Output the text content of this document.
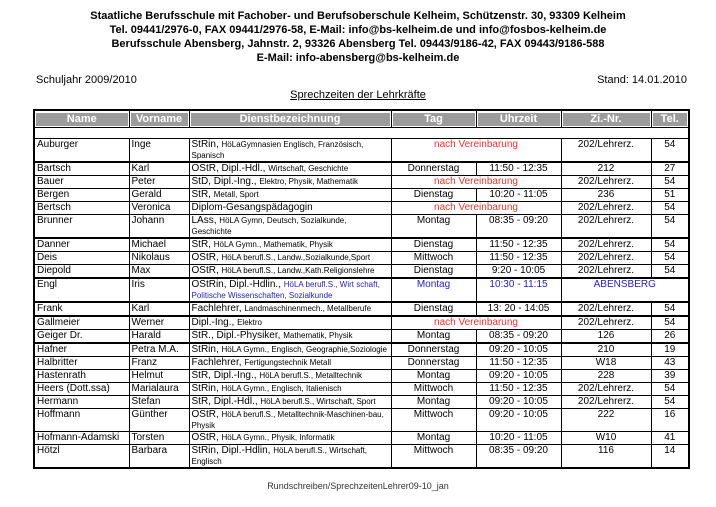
Staatliche Berufsschule mit Fachober- und Berufsoberschule Kelheim, Schützenstr. 30, 93309 Kelheim
Tel. 09441/2976-0, FAX 09441/2976-58, E-Mail: info@bs-kelheim.de und info@fosbos-kelheim.de
Berufsschule Abensberg, Jahnstr. 2, 93326 Abensberg Tel. 09443/9186-42, FAX 09443/9186-588
E-Mail: info-abensberg@bs-kelheim.de
Schuljahr 2009/2010	Stand: 14.01.2010
Sprechzeiten der Lehrkräfte
Name	Vorname	Dienstbezeichnung	Tag	Uhrzeit	Zi.-Nr.	Tel.

Auburger	Inge	StRin, HöLaGymnasien Englisch, Französisch, Spanisch	nach Vereinbarung		202/Lehrerz.	54
Bartsch	Karl	OStR, Dipl.-Hdl., Wirtschaft, Geschichte	Donnerstag	11:50 - 12:35	212	27
Bauer	Peter	StD, Dipl.-Ing., Elektro, Physik, Mathematik	nach Vereinbarung		202/Lehrerz.	54
Bergen	Gerald	StR, Metall, Sport	Dienstag	10:20 - 11:05	236	51
Bertsch	Veronica	Diplom-Gesangspädagogin	nach Vereinbarung		202/Lehrerz.	54
Brunner	Johann	LAss, HöLA Gymn, Deutsch, Sozialkunde, Geschichte	Montag	08:35 - 09:20	202/Lehrerz.	54
Danner	Michael	StR, HöLA Gymn., Mathematik, Physik	Dienstag	11:50 - 12:35	202/Lehrerz.	54
Deis	Nikolaus	OStR, HöLA berufl.S., Landw.,Sozialkunde,Sport	Mittwoch	11:50 - 12:35	202/Lehrerz.	54
Diepold	Max	OStR, HöLA berufl.S., Landw.,Kath.Religionslehre	Dienstag	9:20 - 10:05	202/Lehrerz.	54
Engl	Iris	OStRin, Dipl.-Hdlin., HöLA berufl.S., Wirt schaft, Politische Wissenschaften, Sozialkunde	Montag	10:30 - 11:15	ABENSBERG	
Frank	Karl	Fachlehrer, Landmaschinenmech., Metallberufe	Dienstag	13: 20 - 14:05	202/Lehrerz.	54
Gallmeier	Werner	Dipl.-Ing., Elektro	nach Vereinbarung		202/Lehrerz.	54
Geiger Dr.	Harald	StR., Dipl.-Physiker, Mathematik, Physik	Montag	08:35 - 09:20	126	26
Hafner	Petra M.A.	StRin, HöLA Gymn., Englisch, Geographie,Soziologie	Donnerstag	09:20 - 10:05	210	19
Halbritter	Franz	Fachlehrer, Fertigungstechnik Metall	Donnerstag	11:50 - 12:35	W18	43
Hastenrath	Helmut	StR, Dipl.-Ing., HöLA berufl.S., Metalltechnik	Montag	09:20 - 10:05	228	39
Heers (Dott.ssa)	Marialaura	StRin, HöLA Gymn., Englisch, Italienisch	Mittwoch	11:50 - 12:35	202/Lehrerz.	54
Hermann	Stefan	StR, Dipl.-Hdl., HöLA berufl.S., Wirtschaft, Sport	Montag	09:20 - 10:05	202/Lehrerz.	54
Hoffmann	Günther	OStR, HöLA berufl.S., Metalltechnik-Maschinen-bau, Physik	Mittwoch	09:20 - 10:05	222	16
Hofmann-Adamski	Torsten	OStR, HöLA Gymn., Physik, Informatik	Montag	10:20 - 11:05	W10	41
Hötzl	Barbara	StRin, Dipl.-Hdlin, HöLA berufl.S., Wirtschaft, Englisch	Mittwoch	08:35 - 09:20	116	14
Rundschreiben/SprechzeitenLehrer09-10_jan
